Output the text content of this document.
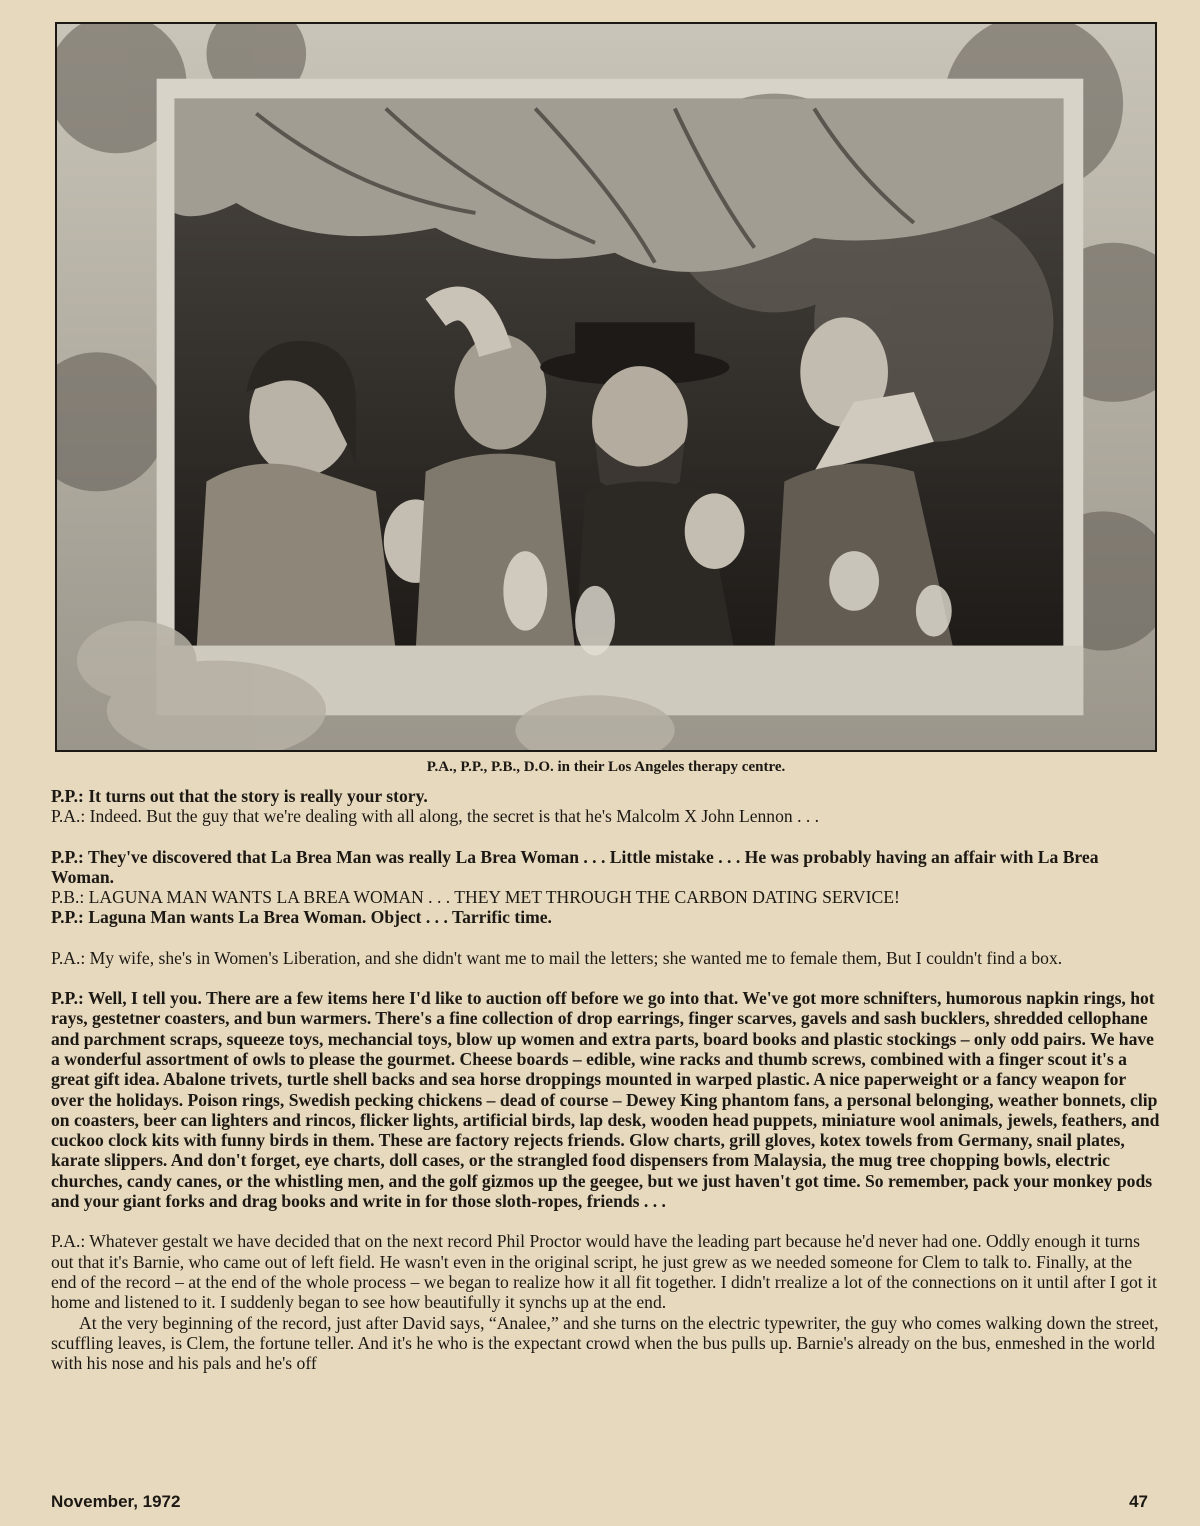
P.A., P.P., P.B., D.O. in their Los Angeles therapy centre.

P.P.: It turns out that the story is really your story.

P.A.: Indeed. But the guy that we're dealing with all along, the secret is that he's Malcolm X John Lennon . . .

P.P.: They've discovered that La Brea Man was really La Brea Woman . . . Little mistake . . . He was probably having an affair with La Brea Woman.

P.B.: LAGUNA MAN WANTS LA BREA WOMAN . . . THEY MET THROUGH THE CARBON DATING SERVICE!

P.P.: Laguna Man wants La Brea Woman. Object . . . Tarrific time.

P.A.: My wife, she's in Women's Liberation, and she didn't want me to mail the letters; she wanted me to female them, But I couldn't find a box.

P.P.: Well, I tell you. There are a few items here I'd like to auction off before we go into that. We've got more schnifters, humorous napkin rings, hot rays, gestetner coasters, and bun warmers. There's a fine collection of drop earrings, finger scarves, gavels and sash bucklers, shredded cellophane and parchment scraps, squeeze toys, mechancial toys, blow up women and extra parts, board books and plastic stockings – only odd pairs. We have a wonderful assortment of owls to please the gourmet. Cheese boards – edible, wine racks and thumb screws, combined with a finger scout it's a great gift idea. Abalone trivets, turtle shell backs and sea horse droppings mounted in warped plastic. A nice paperweight or a fancy weapon for over the holidays. Poison rings, Swedish pecking chickens – dead of course – Dewey King phantom fans, a personal belonging, weather bonnets, clip on coasters, beer can lighters and rincos, flicker lights, artificial birds, lap desk, wooden head puppets, miniature wool animals, jewels, feathers, and cuckoo clock kits with funny birds in them. These are factory rejects friends. Glow charts, grill gloves, kotex towels from Germany, snail plates, karate slippers. And don't forget, eye charts, doll cases, or the strangled food dispensers from Malaysia, the mug tree chopping bowls, electric churches, candy canes, or the whistling men, and the golf gizmos up the geegee, but we just haven't got time. So remember, pack your monkey pods and your giant forks and drag books and write in for those sloth-ropes, friends . . .

P.A.: Whatever gestalt we have decided that on the next record Phil Proctor would have the leading part because he'd never had one. Oddly enough it turns out that it's Barnie, who came out of left field. He wasn't even in the original script, he just grew as we needed someone for Clem to talk to. Finally, at the end of the record – at the end of the whole process – we began to realize how it all fit together. I didn't rrealize a lot of the connections on it until after I got it home and listened to it. I suddenly began to see how beautifully it synchs up at the end.

At the very beginning of the record, just after David says, “Analee,” and she turns on the electric typewriter, the guy who comes walking down the street, scuffling leaves, is Clem, the fortune teller. And it's he who is the expectant crowd when the bus pulls up. Barnie's already on the bus, enmeshed in the world with his nose and his pals and he's off

November, 1972	47
